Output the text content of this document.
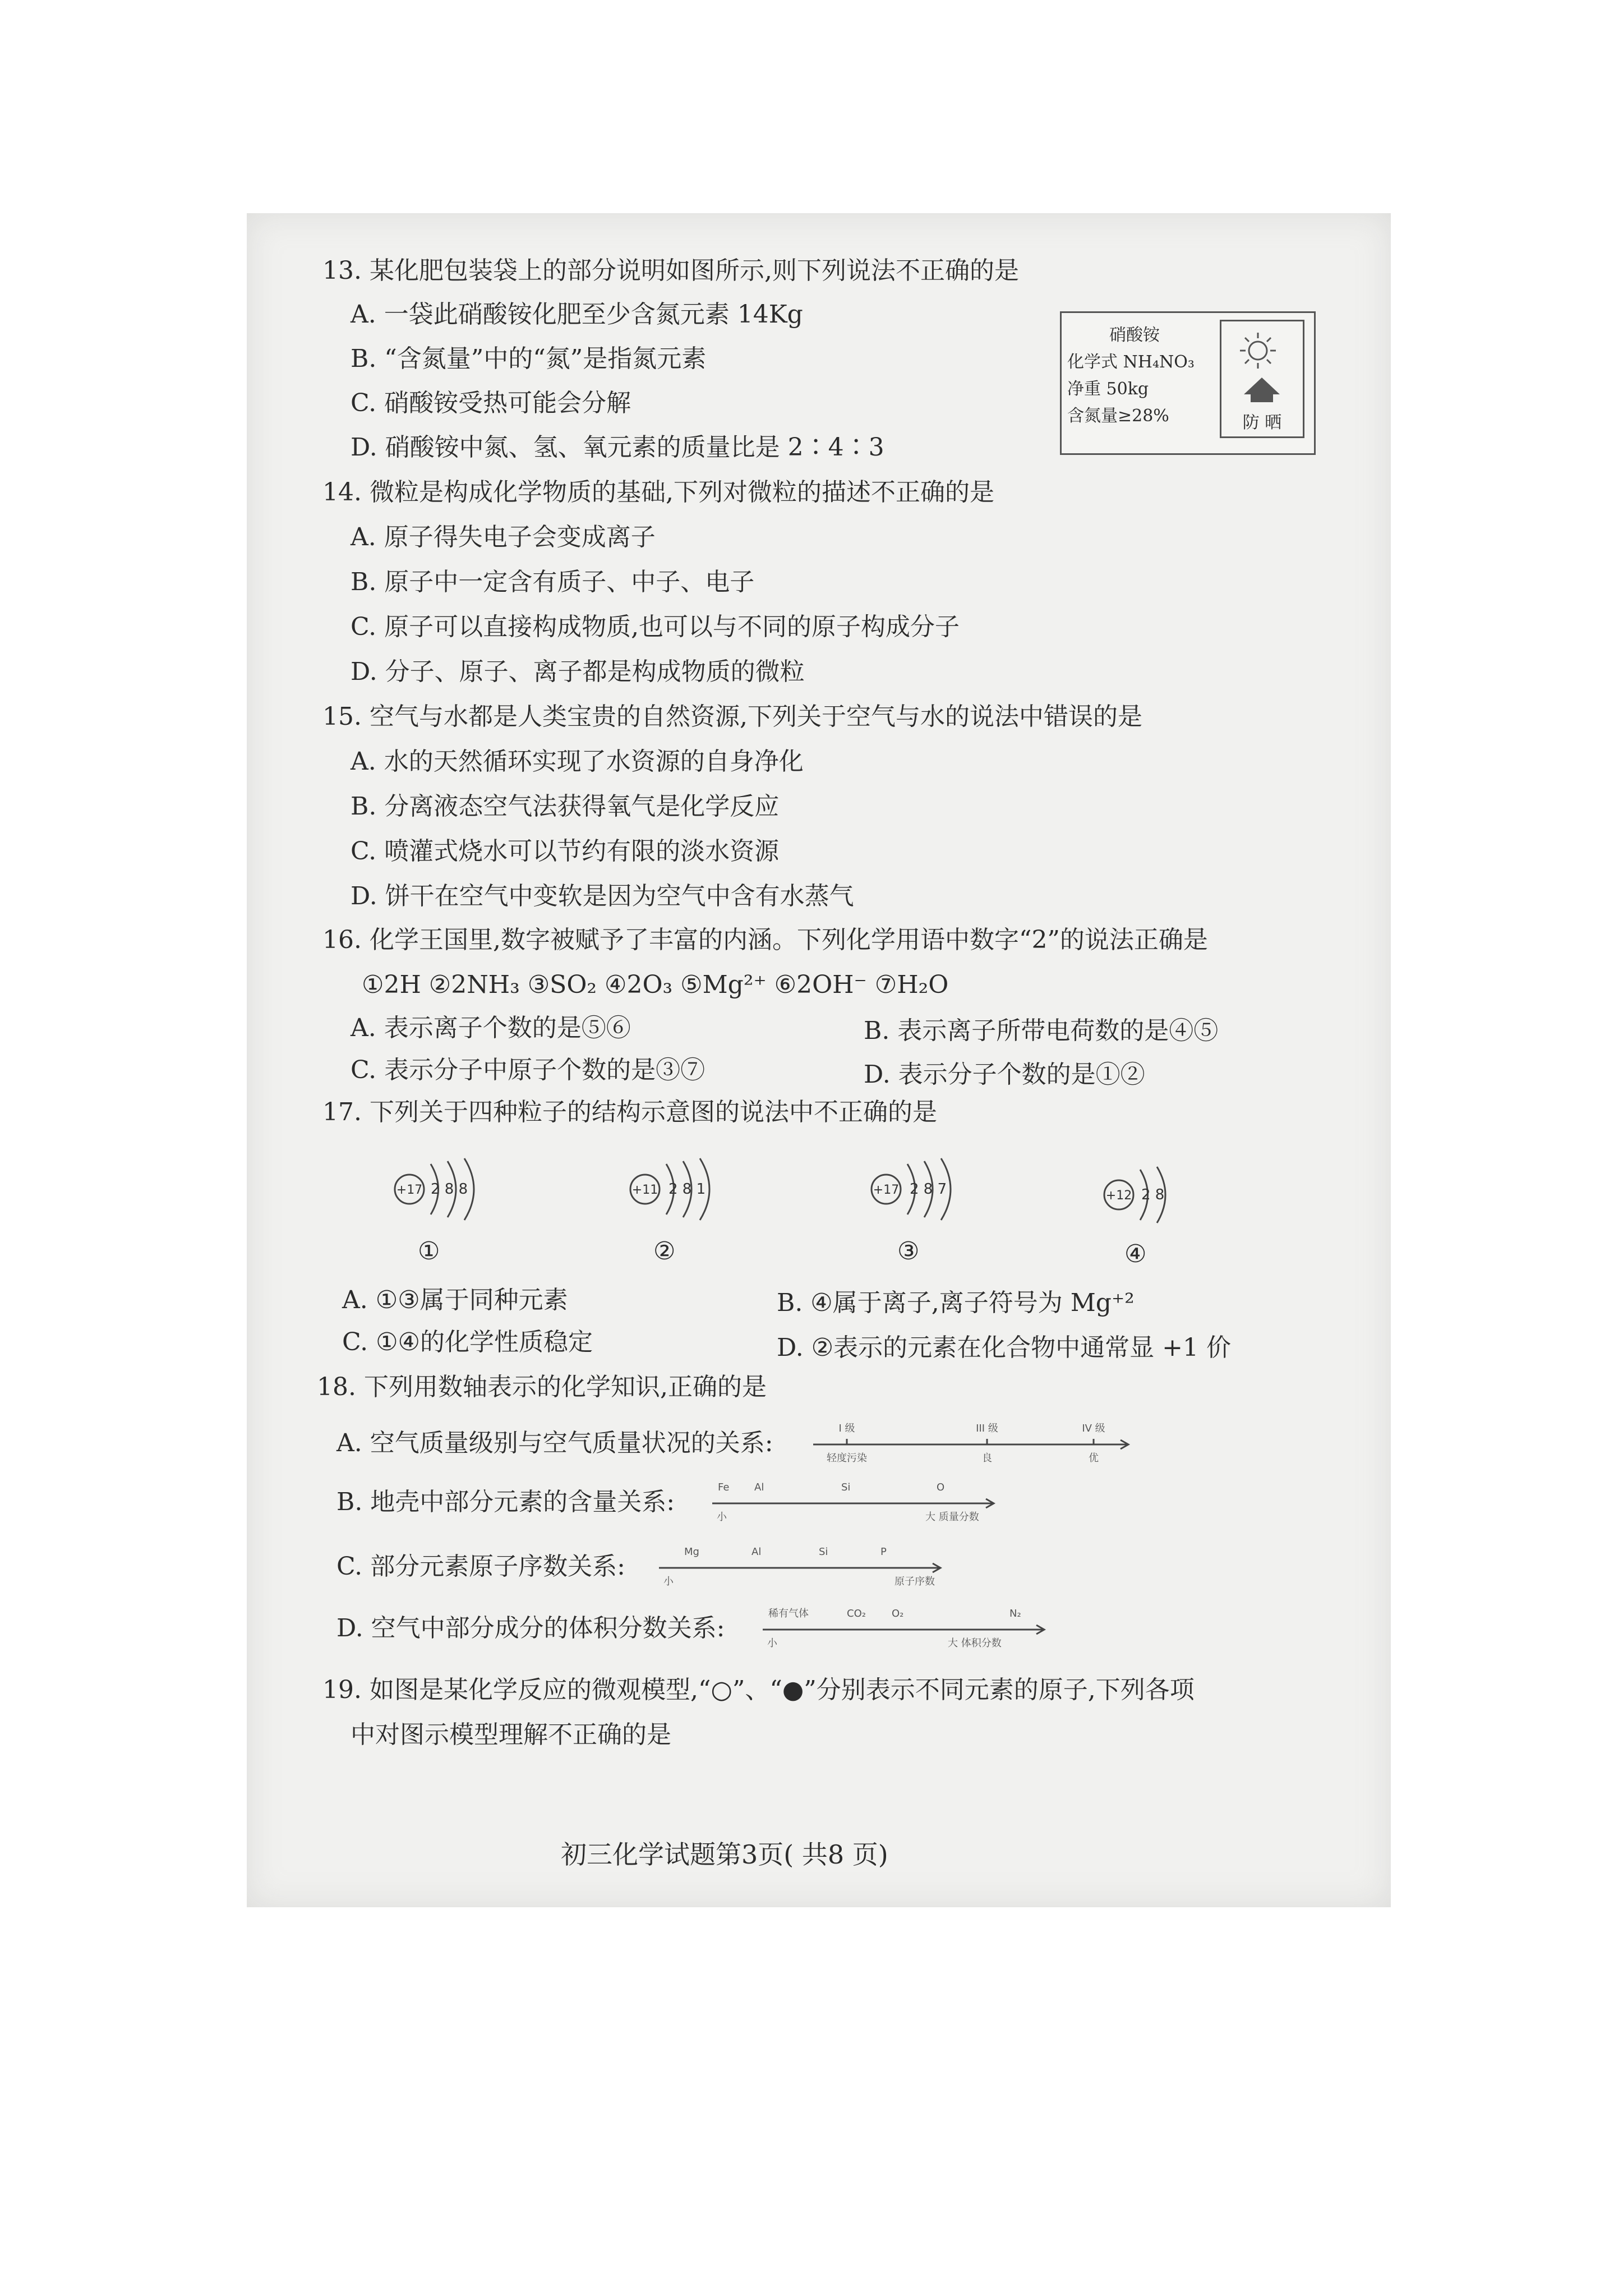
13. 某化肥包装袋上的部分说明如图所示,则下列说法不正确的是
A. 一袋此硝酸铵化肥至少含氮元素 14Kg
B. “含氮量”中的“氮”是指氮元素
C. 硝酸铵受热可能会分解
D. 硝酸铵中氮、氢、氧元素的质量比是 2∶4∶3
硝酸铵
化学式 NH₄NO₃
净重 50kg
含氮量≥28%	防 晒
14. 微粒是构成化学物质的基础,下列对微粒的描述不正确的是
A. 原子得失电子会变成离子
B. 原子中一定含有质子、中子、电子
C. 原子可以直接构成物质,也可以与不同的原子构成分子
D. 分子、原子、离子都是构成物质的微粒
15. 空气与水都是人类宝贵的自然资源,下列关于空气与水的说法中错误的是
A. 水的天然循环实现了水资源的自身净化
B. 分离液态空气法获得氧气是化学反应
C. 喷灌式烧水可以节约有限的淡水资源
D. 饼干在空气中变软是因为空气中含有水蒸气
16. 化学王国里,数字被赋予了丰富的内涵。下列化学用语中数字“2”的说法正确是
①2H ②2NH₃ ③SO₂ ④2O₃ ⑤Mg²⁺ ⑥2OH⁻ ⑦H₂O
A. 表示离子个数的是⑤⑥	B. 表示离子所带电荷数的是④⑤
C. 表示分子中原子个数的是③⑦	D. 表示分子个数的是①②
17. 下列关于四种粒子的结构示意图的说法中不正确的是
+17 2 8 8
①
+11 2 8 1
②
+17 2 8 7
③
+12 2 8
④
A. ①③属于同种元素	B. ④属于离子,离子符号为 Mg⁺²
C. ①④的化学性质稳定	D. ②表示的元素在化合物中通常显 +1 价
18. 下列用数轴表示的化学知识,正确的是
A. 空气质量级别与空气质量状况的关系:
I 级	III 级	IV 级
轻度污染	良	优
B. 地壳中部分元素的含量关系:
Fe Al	Si	O
小	大 质量分数
C. 部分元素原子序数关系:
Mg	Al	Si	P
小	原子序数
D. 空气中部分成分的体积分数关系:
稀有气体	CO₂	O₂	N₂
小	大 体积分数
19. 如图是某化学反应的微观模型,“○”、“●”分别表示不同元素的原子,下列各项
中对图示模型理解不正确的是
初三化学试题第3页( 共8 页)
